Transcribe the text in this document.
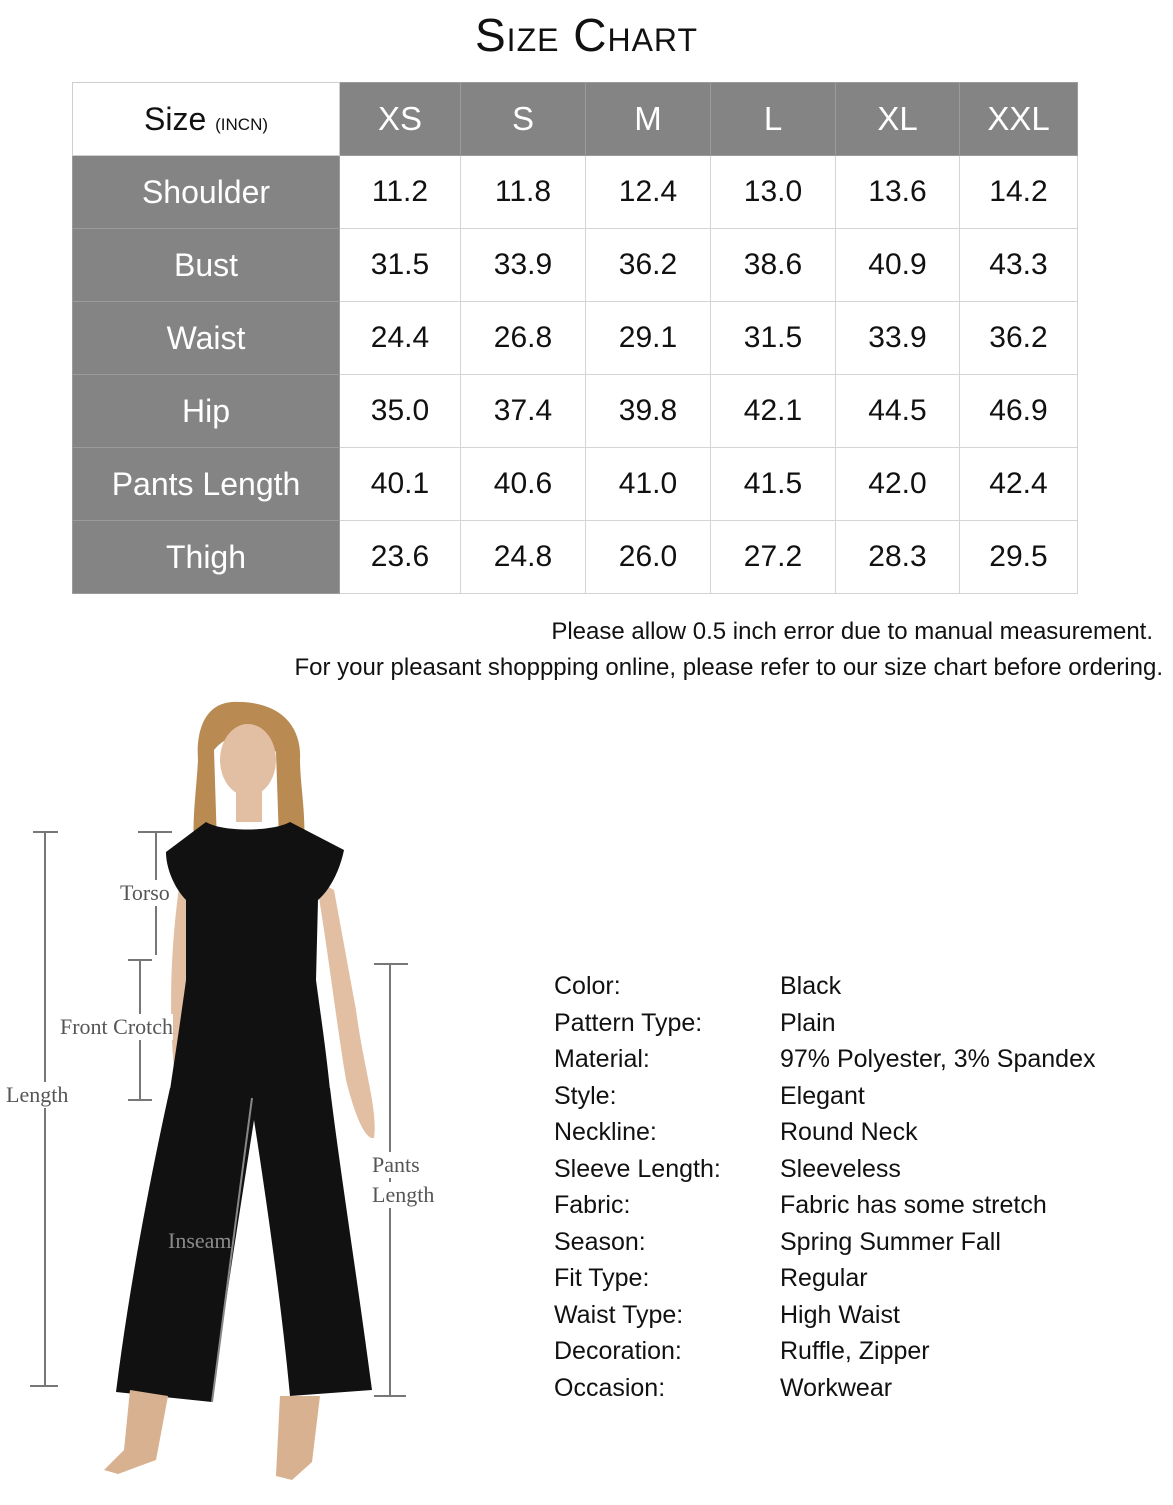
Size Chart
Size (INCN)	XS	S	M	L	XL	XXL
Shoulder	11.2	11.8	12.4	13.0	13.6	14.2
Bust	31.5	33.9	36.2	38.6	40.9	43.3
Waist	24.4	26.8	29.1	31.5	33.9	36.2
Hip	35.0	37.4	39.8	42.1	44.5	46.9
Pants Length	40.1	40.6	41.0	41.5	42.0	42.4
Thigh	23.6	24.8	26.0	27.2	28.3	29.5
Please allow 0.5 inch error due to manual measurement.
For your pleasant shoppping online, please refer to our size chart before ordering.
Torso
Front Crotch
Length
Pants
Length
Inseam
Color:	Black
Pattern Type:	Plain
Material:	97% Polyester, 3% Spandex
Style:	Elegant
Neckline:	Round Neck
Sleeve Length: Sleeveless
Fabric:	Fabric has some stretch
Season:	Spring Summer Fall
Fit Type:	Regular
Waist Type:	High Waist
Decoration:	Ruffle, Zipper
Occasion:	Workwear
